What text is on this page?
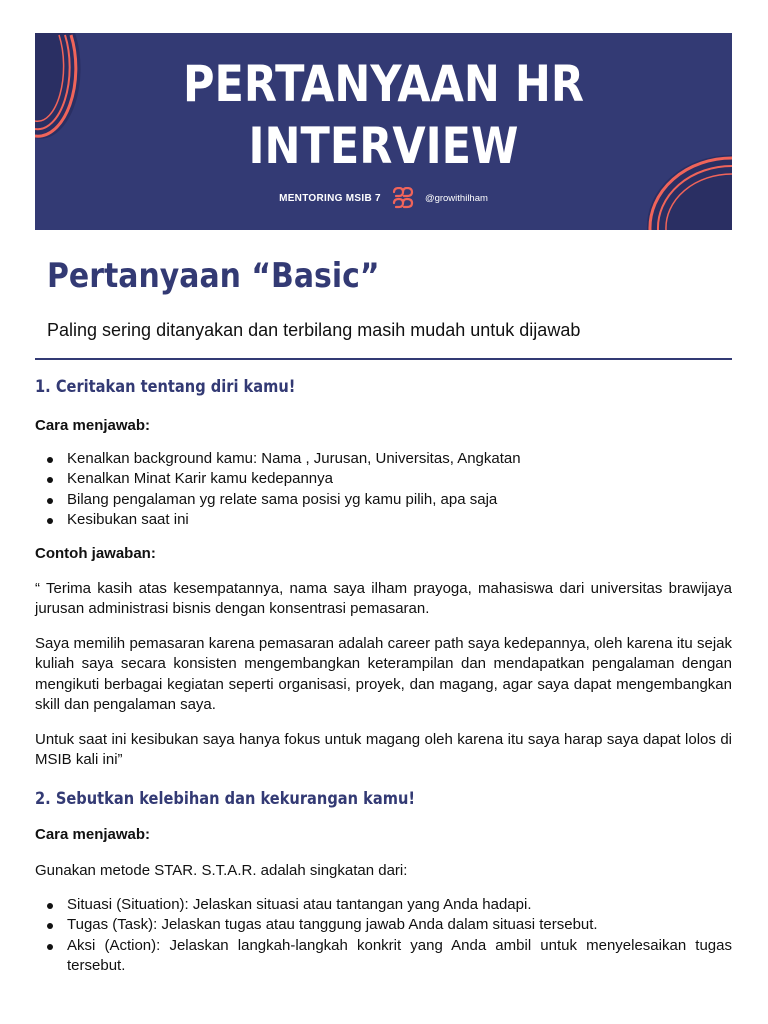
PERTANYAAN HR
INTERVIEW
MENTORING MSIB 7	@growithilham
Pertanyaan “Basic”
Paling sering ditanyakan dan terbilang masih mudah untuk dijawab
1. Ceritakan tentang diri kamu!
Cara menjawab:
Kenalkan background kamu: Nama , Jurusan, Universitas, Angkatan
Kenalkan Minat Karir kamu kedepannya
Bilang pengalaman yg relate sama posisi yg kamu pilih, apa saja
Kesibukan saat ini
Contoh jawaban:

“ Terima kasih atas kesempatannya, nama saya ilham prayoga, mahasiswa dari universitas brawijaya jurusan administrasi bisnis dengan konsentrasi pemasaran.

Saya memilih pemasaran karena pemasaran adalah career path saya kedepannya, oleh karena itu sejak kuliah saya secara konsisten mengembangkan keterampilan dan mendapatkan pengalaman dengan mengikuti berbagai kegiatan seperti organisasi, proyek, dan magang, agar saya dapat mengembangkan skill dan pengalaman saya.

Untuk saat ini kesibukan saya hanya fokus untuk magang oleh karena itu saya harap saya dapat lolos di MSIB kali ini”

2. Sebutkan kelebihan dan kekurangan kamu!
Cara menjawab:

Gunakan metode STAR. S.T.A.R. adalah singkatan dari:

Situasi (Situation): Jelaskan situasi atau tantangan yang Anda hadapi.
Tugas (Task): Jelaskan tugas atau tanggung jawab Anda dalam situasi tersebut.
Aksi (Action): Jelaskan langkah-langkah konkrit yang Anda ambil untuk menyelesaikan tugas tersebut.
